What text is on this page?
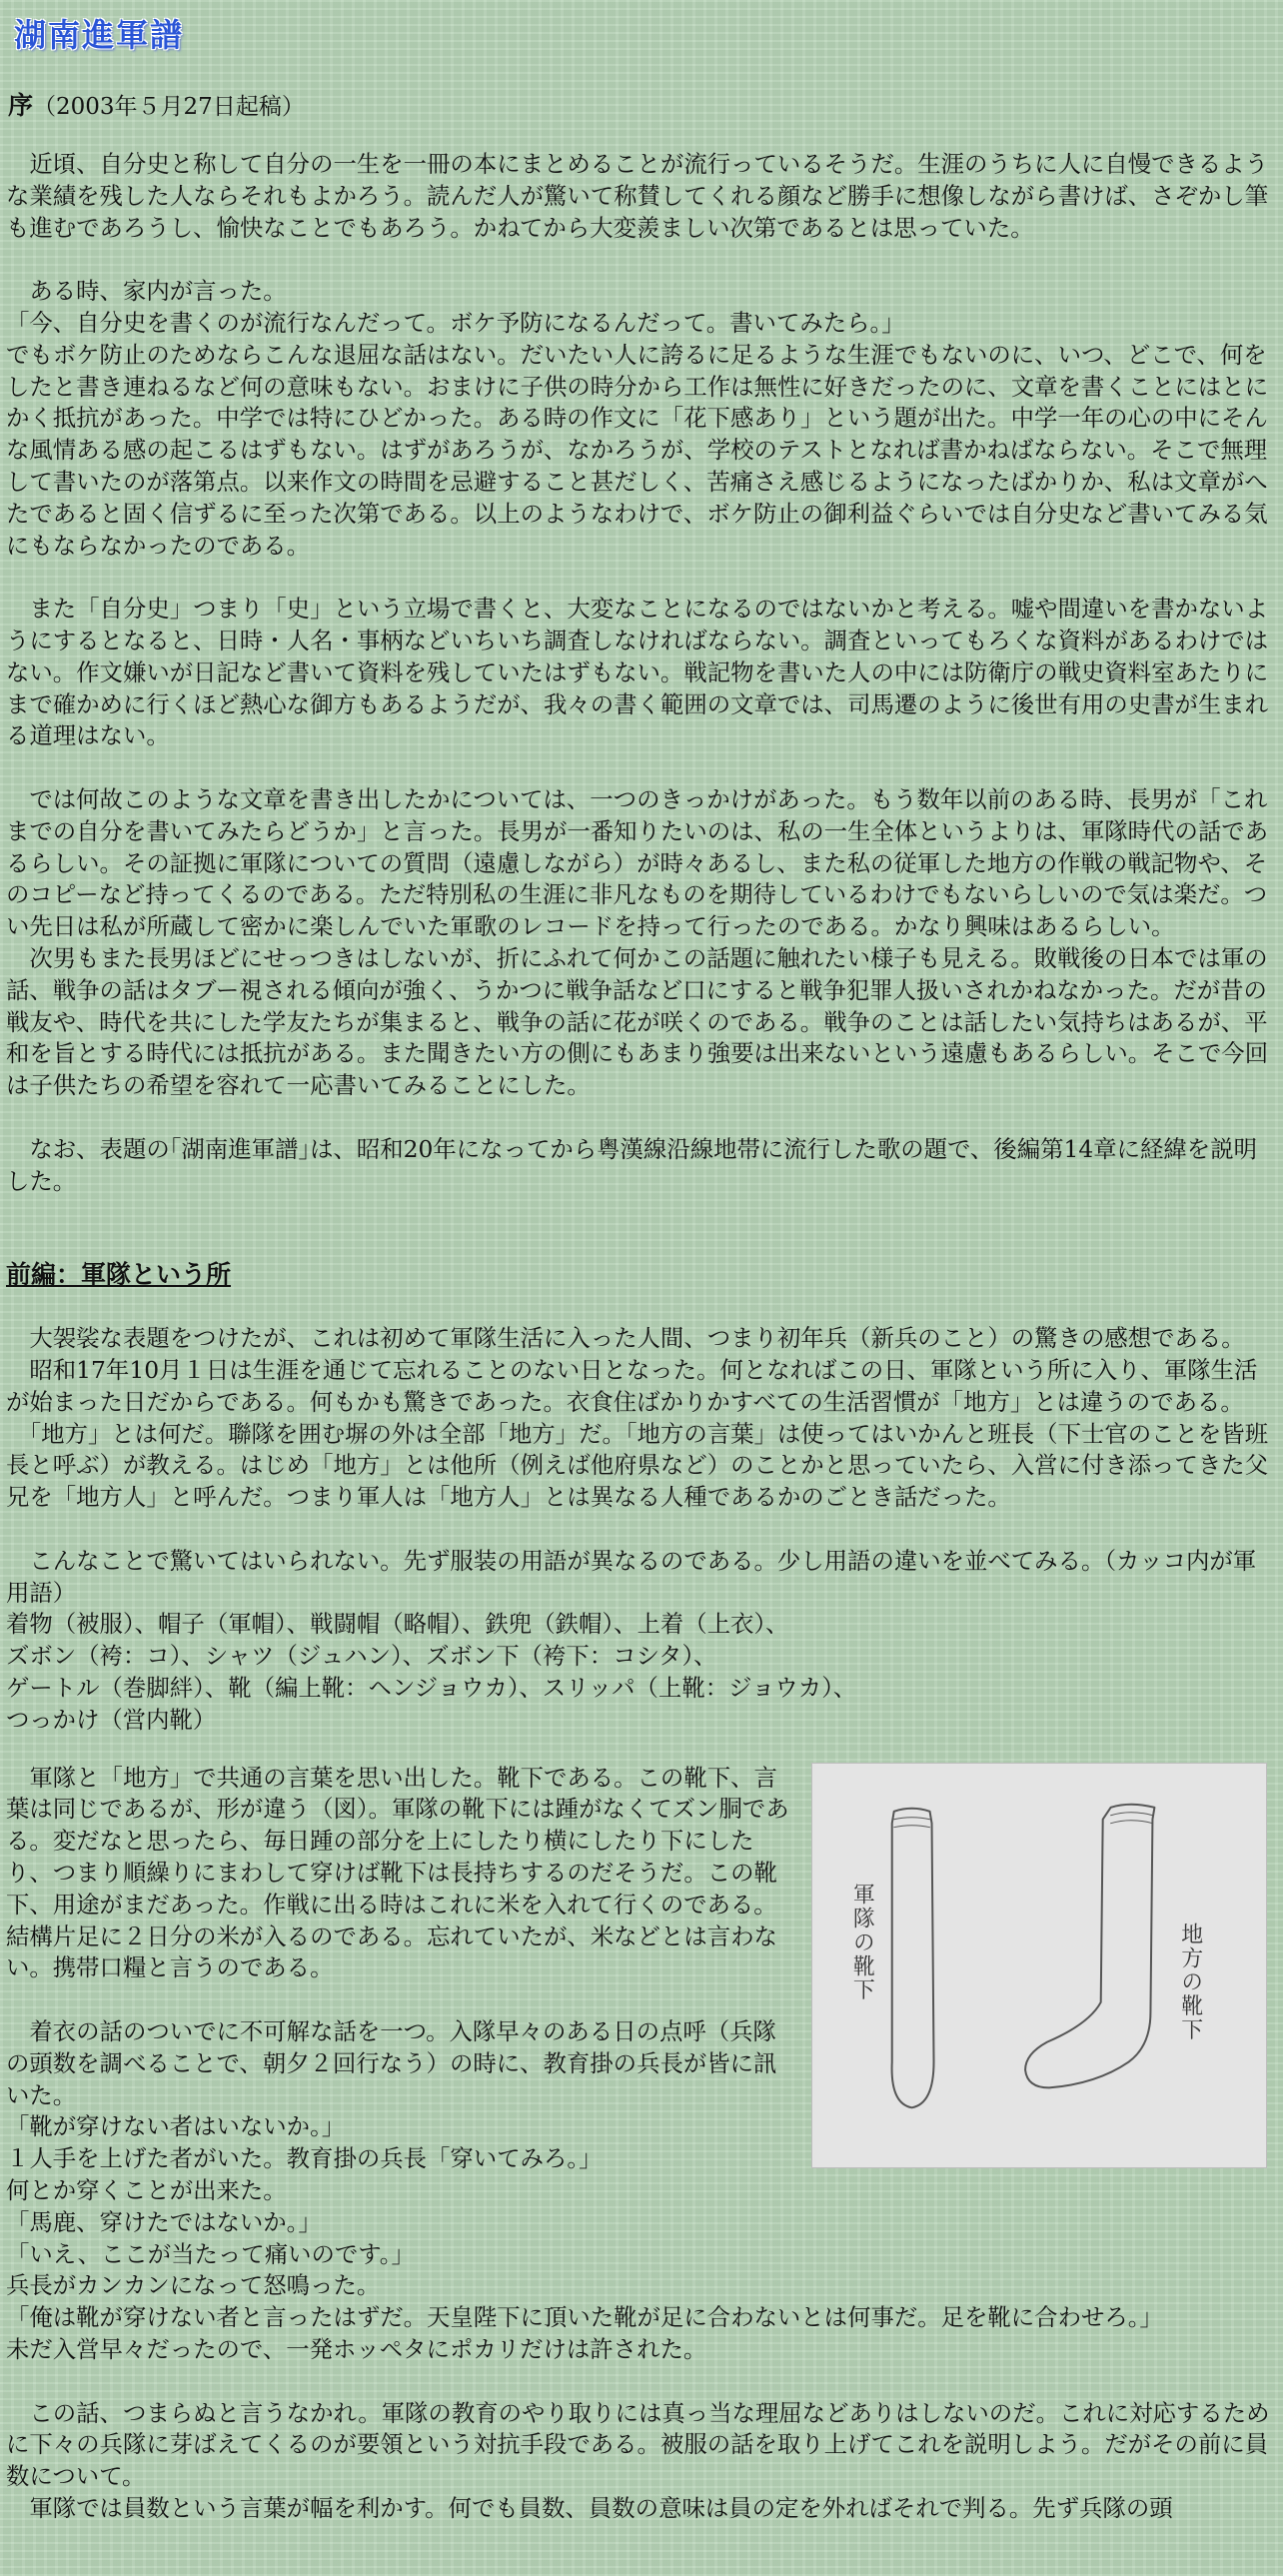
湖南進軍譜
序（2003年５月27日起稿）

　近頃、自分史と称して自分の一生を一冊の本にまとめることが流行っているそうだ。生涯のうちに人に自慢できるような業績を残した人ならそれもよかろう。読んだ人が驚いて称賛してくれる顔など勝手に想像しながら書けば、さぞかし筆も進むであろうし、愉快なことでもあろう。かねてから大変羨ましい次第であるとは思っていた。

　ある時、家内が言った。

「今、自分史を書くのが流行なんだって。ボケ予防になるんだって。書いてみたら。」

でもボケ防止のためならこんな退屈な話はない。だいたい人に誇るに足るような生涯でもないのに、いつ、どこで、何をしたと書き連ねるなど何の意味もない。おまけに子供の時分から工作は無性に好きだったのに、文章を書くことにはとにかく抵抗があった。中学では特にひどかった。ある時の作文に「花下感あり」という題が出た。中学一年の心の中にそんな風情ある感の起こるはずもない。はずがあろうが、なかろうが、学校のテストとなれば書かねばならない。そこで無理して書いたのが落第点。以来作文の時間を忌避すること甚だしく、苦痛さえ感じるようになったばかりか、私は文章がへたであると固く信ずるに至った次第である。以上のようなわけで、ボケ防止の御利益ぐらいでは自分史など書いてみる気にもならなかったのである。

　また「自分史」つまり「史」という立場で書くと、大変なことになるのではないかと考える。嘘や間違いを書かないようにするとなると、日時・人名・事柄などいちいち調査しなければならない。調査といってもろくな資料があるわけではない。作文嫌いが日記など書いて資料を残していたはずもない。戦記物を書いた人の中には防衛庁の戦史資料室あたりにまで確かめに行くほど熱心な御方もあるようだが、我々の書く範囲の文章では、司馬遷のように後世有用の史書が生まれる道理はない。

　では何故このような文章を書き出したかについては、一つのきっかけがあった。もう数年以前のある時、長男が「これまでの自分を書いてみたらどうか」と言った。長男が一番知りたいのは、私の一生全体というよりは、軍隊時代の話であるらしい。その証拠に軍隊についての質問（遠慮しながら）が時々あるし、また私の従軍した地方の作戦の戦記物や、そのコピーなど持ってくるのである。ただ特別私の生涯に非凡なものを期待しているわけでもないらしいので気は楽だ。つい先日は私が所蔵して密かに楽しんでいた軍歌のレコードを持って行ったのである。かなり興味はあるらしい。

　次男もまた長男ほどにせっつきはしないが、折にふれて何かこの話題に触れたい様子も見える。敗戦後の日本では軍の話、戦争の話はタブー視される傾向が強く、うかつに戦争話など口にすると戦争犯罪人扱いされかねなかった。だが昔の戦友や、時代を共にした学友たちが集まると、戦争の話に花が咲くのである。戦争のことは話したい気持ちはあるが、平和を旨とする時代には抵抗がある。また聞きたい方の側にもあまり強要は出来ないという遠慮もあるらしい。そこで今回は子供たちの希望を容れて一応書いてみることにした。

　なお、表題の｢湖南進軍譜｣は、昭和20年になってから粤漢線沿線地帯に流行した歌の題で、後編第14章に経緯を説明した。

前編：軍隊という所

　大袈裟な表題をつけたが、これは初めて軍隊生活に入った人間、つまり初年兵（新兵のこと）の驚きの感想である。

　昭和17年10月１日は生涯を通じて忘れることのない日となった。何となればこの日、軍隊という所に入り、軍隊生活が始まった日だからである。何もかも驚きであった。衣食住ばかりかすべての生活習慣が「地方」とは違うのである。

　「地方」とは何だ。聯隊を囲む塀の外は全部「地方」だ。「地方の言葉」は使ってはいかんと班長（下士官のことを皆班長と呼ぶ）が教える。はじめ「地方」とは他所（例えば他府県など）のことかと思っていたら、入営に付き添ってきた父兄を「地方人」と呼んだ。つまり軍人は「地方人」とは異なる人種であるかのごとき話だった。

　こんなことで驚いてはいられない。先ず服装の用語が異なるのである。少し用語の違いを並べてみる。（カッコ内が軍用語）

着物（被服）、帽子（軍帽）、戦闘帽（略帽）、鉄兜（鉄帽）、上着（上衣）、

ズボン（袴：コ）、シャツ（ジュハン）、ズボン下（袴下：コシタ）、

ゲートル（巻脚絆）、靴（編上靴：ヘンジョウカ）、スリッパ（上靴：ジョウカ）、

つっかけ（営内靴）

軍隊の靴下	地方の靴下

　軍隊と「地方」で共通の言葉を思い出した。靴下である。この靴下、言葉は同じであるが、形が違う（図）。軍隊の靴下には踵がなくてズン胴である。変だなと思ったら、毎日踵の部分を上にしたり横にしたり下にしたり、つまり順繰りにまわして穿けば靴下は長持ちするのだそうだ。この靴下、用途がまだあった。作戦に出る時はこれに米を入れて行くのである。結構片足に２日分の米が入るのである。忘れていたが、米などとは言わない。携帯口糧と言うのである。

　着衣の話のついでに不可解な話を一つ。入隊早々のある日の点呼（兵隊の頭数を調べることで、朝夕２回行なう）の時に、教育掛の兵長が皆に訊いた。

「靴が穿けない者はいないか。」

１人手を上げた者がいた。教育掛の兵長「穿いてみろ。」

何とか穿くことが出来た。

「馬鹿、穿けたではないか。」

「いえ、ここが当たって痛いのです。」

兵長がカンカンになって怒鳴った。

「俺は靴が穿けない者と言ったはずだ。天皇陛下に頂いた靴が足に合わないとは何事だ。足を靴に合わせろ。」

未だ入営早々だったので、一発ホッペタにポカリだけは許された。

　この話、つまらぬと言うなかれ。軍隊の教育のやり取りには真っ当な理屈などありはしないのだ。これに対応するために下々の兵隊に芽ばえてくるのが要領という対抗手段である。被服の話を取り上げてこれを説明しよう。だがその前に員数について。

　軍隊では員数という言葉が幅を利かす。何でも員数、員数の意味は員の定を外ればそれで判る。先ず兵隊の頭
